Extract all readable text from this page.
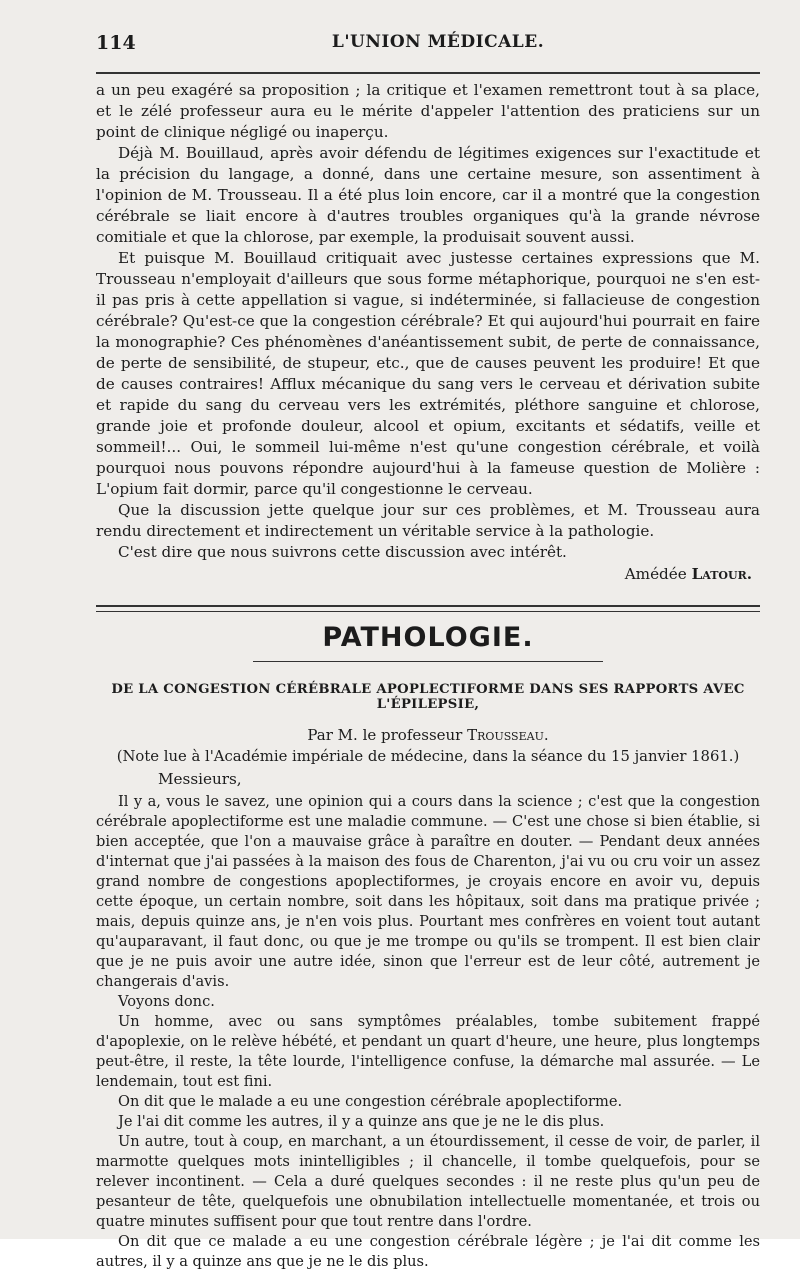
114	L'UNION MÉDICALE.

a un peu exagéré sa proposition ; la critique et l'examen remettront tout à sa place, et le zélé professeur aura eu le mérite d'appeler l'attention des praticiens sur un point de clinique négligé ou inaperçu.

Déjà M. Bouillaud, après avoir défendu de légitimes exigences sur l'exactitude et la précision du langage, a donné, dans une certaine mesure, son assentiment à l'opinion de M. Trousseau. Il a été plus loin encore, car il a montré que la congestion cérébrale se liait encore à d'autres troubles organiques qu'à la grande névrose comitiale et que la chlorose, par exemple, la produisait souvent aussi.

Et puisque M. Bouillaud critiquait avec justesse certaines expressions que M. Trousseau n'employait d'ailleurs que sous forme métaphorique, pourquoi ne s'en est-il pas pris à cette appellation si vague, si indéterminée, si fallacieuse de congestion cérébrale? Qu'est-ce que la congestion cérébrale? Et qui aujourd'hui pourrait en faire la monographie? Ces phénomènes d'anéantissement subit, de perte de connaissance, de perte de sensibilité, de stupeur, etc., que de causes peuvent les produire! Et que de causes contraires! Afflux mécanique du sang vers le cerveau et dérivation subite et rapide du sang du cerveau vers les extrémités, pléthore sanguine et chlorose, grande joie et profonde douleur, alcool et opium, excitants et sédatifs, veille et sommeil!... Oui, le sommeil lui-même n'est qu'une congestion cérébrale, et voilà pourquoi nous pouvons répondre aujourd'hui à la fameuse question de Molière : L'opium fait dormir, parce qu'il congestionne le cerveau.

Que la discussion jette quelque jour sur ces problèmes, et M. Trousseau aura rendu directement et indirectement un véritable service à la pathologie.

C'est dire que nous suivrons cette discussion avec intérêt.

Amédée Latour.
PATHOLOGIE.
DE LA CONGESTION CÉRÉBRALE APOPLECTIFORME DANS SES RAPPORTS AVEC L'ÉPILEPSIE,
Par M. le professeur Trousseau.
(Note lue à l'Académie impériale de médecine, dans la séance du 15 janvier 1861.)

Messieurs,

Il y a, vous le savez, une opinion qui a cours dans la science ; c'est que la congestion cérébrale apoplectiforme est une maladie commune. — C'est une chose si bien établie, si bien acceptée, que l'on a mauvaise grâce à paraître en douter. — Pendant deux années d'internat que j'ai passées à la maison des fous de Charenton, j'ai vu ou cru voir un assez grand nombre de congestions apoplectiformes, je croyais encore en avoir vu, depuis cette époque, un certain nombre, soit dans les hôpitaux, soit dans ma pratique privée ; mais, depuis quinze ans, je n'en vois plus. Pourtant mes confrères en voient tout autant qu'auparavant, il faut donc, ou que je me trompe ou qu'ils se trompent. Il est bien clair que je ne puis avoir une autre idée, sinon que l'erreur est de leur côté, autrement je changerais d'avis.

Voyons donc.

Un homme, avec ou sans symptômes préalables, tombe subitement frappé d'apoplexie, on le relève hébété, et pendant un quart d'heure, une heure, plus longtemps peut-être, il reste, la tête lourde, l'intelligence confuse, la démarche mal assurée. — Le lendemain, tout est fini.

On dit que le malade a eu une congestion cérébrale apoplectiforme.

Je l'ai dit comme les autres, il y a quinze ans que je ne le dis plus.

Un autre, tout à coup, en marchant, a un étourdissement, il cesse de voir, de parler, il marmotte quelques mots inintelligibles ; il chancelle, il tombe quelquefois, pour se relever incontinent. — Cela a duré quelques secondes : il ne reste plus qu'un peu de pesanteur de tête, quelquefois une obnubilation intellectuelle momentanée, et trois ou quatre minutes suffisent pour que tout rentre dans l'ordre.

On dit que ce malade a eu une congestion cérébrale légère ; je l'ai dit comme les autres, il y a quinze ans que je ne le dis plus.
